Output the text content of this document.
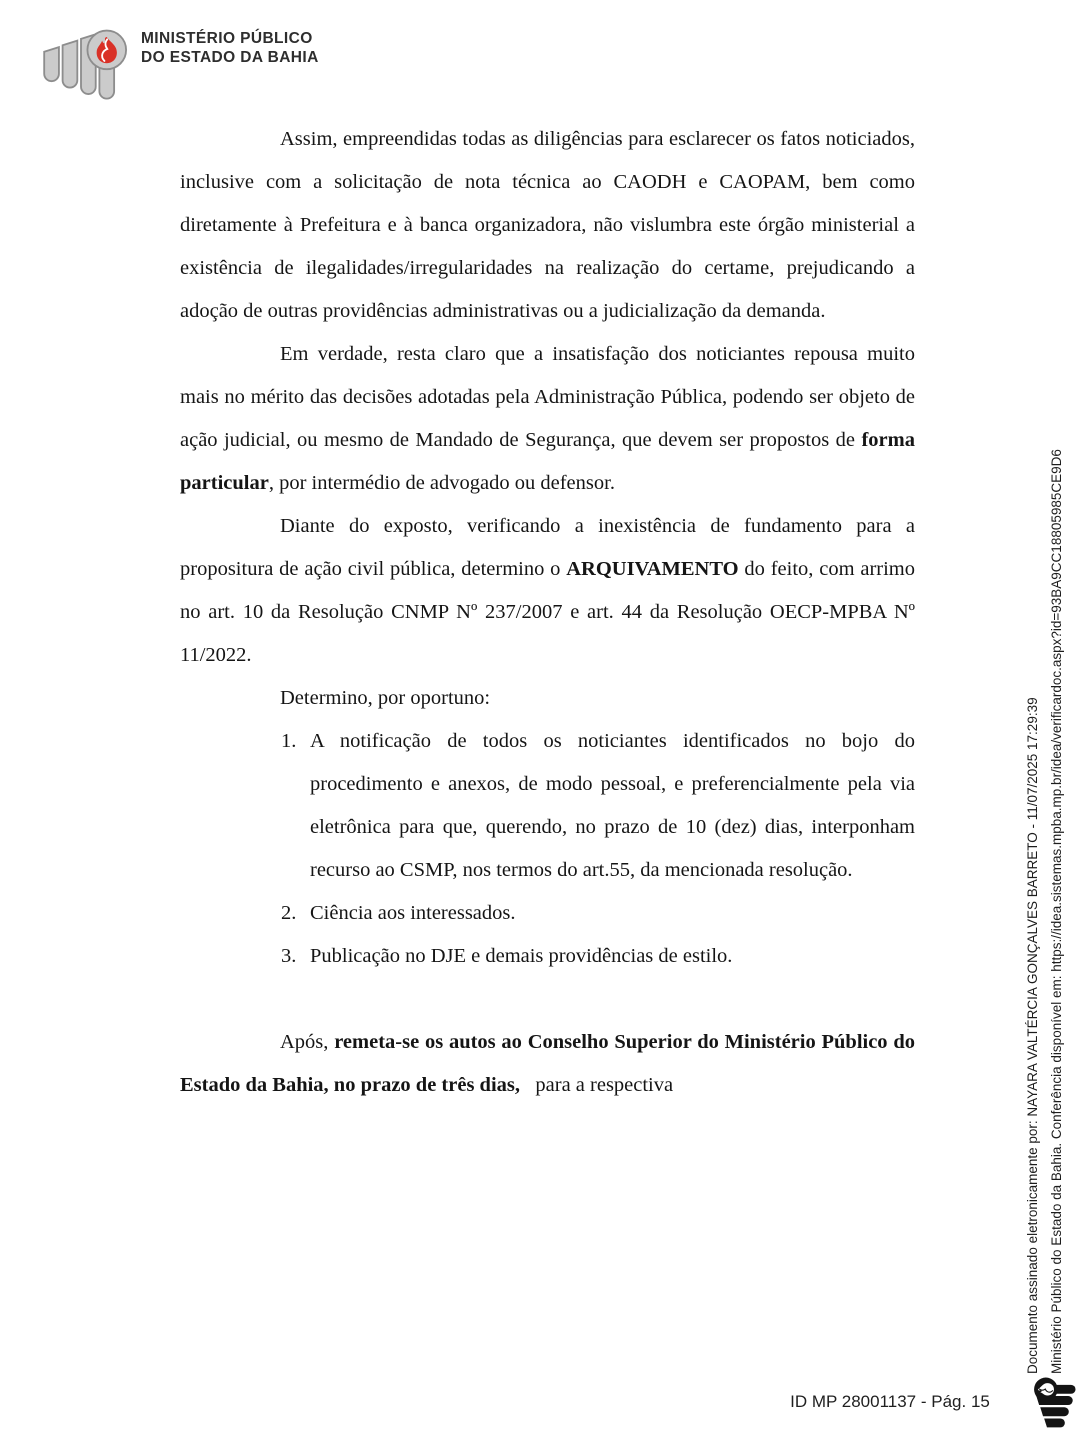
MINISTÉRIO PÚBLICO
DO ESTADO DA BAHIA

Assim, empreendidas todas as diligências para esclarecer os fatos noticiados, inclusive com a solicitação de nota técnica ao CAODH e CAOPAM, bem como diretamente à Prefeitura e à banca organizadora, não vislumbra este órgão ministerial a existência de ilegalidades/irregularidades na realização do certame, prejudicando a adoção de outras providências administrativas ou a judicialização da demanda.

Em verdade, resta claro que a insatisfação dos noticiantes repousa muito mais no mérito das decisões adotadas pela Administração Pública, podendo ser objeto de ação judicial, ou mesmo de Mandado de Segurança, que devem ser propostos de forma particular, por intermédio de advogado ou defensor.

Diante do exposto, verificando a inexistência de fundamento para a propositura de ação civil pública, determino o ARQUIVAMENTO do feito, com arrimo no art. 10 da Resolução CNMP Nº 237/2007 e art. 44 da Resolução OECP-MPBA Nº 11/2022.

Determino, por oportuno:

1. A notificação de todos os noticiantes identificados no bojo do procedimento e anexos, de modo pessoal, e preferencialmente pela via eletrônica para que, querendo, no prazo de 10 (dez) dias, interponham recurso ao CSMP, nos termos do art.55, da mencionada resolução.
2. Ciência aos interessados.
3. Publicação no DJE e demais providências de estilo.

Após, remeta-se os autos ao Conselho Superior do Ministério Público do Estado da Bahia, no prazo de três dias,  para a respectiva	Documento assinado eletronicamente por: NAYARA VALTÉRCIA GONÇALVES BARRETO - 11/07/2025 17:29:39 Ministério Público do Estado da Bahia. Conferência disponível em: https://idea.sistemas.mpba.mp.br/idea/verificardoc.aspx?id=93BA9CC18805985CE9D6
ID MP 28001137 - Pág. 15
